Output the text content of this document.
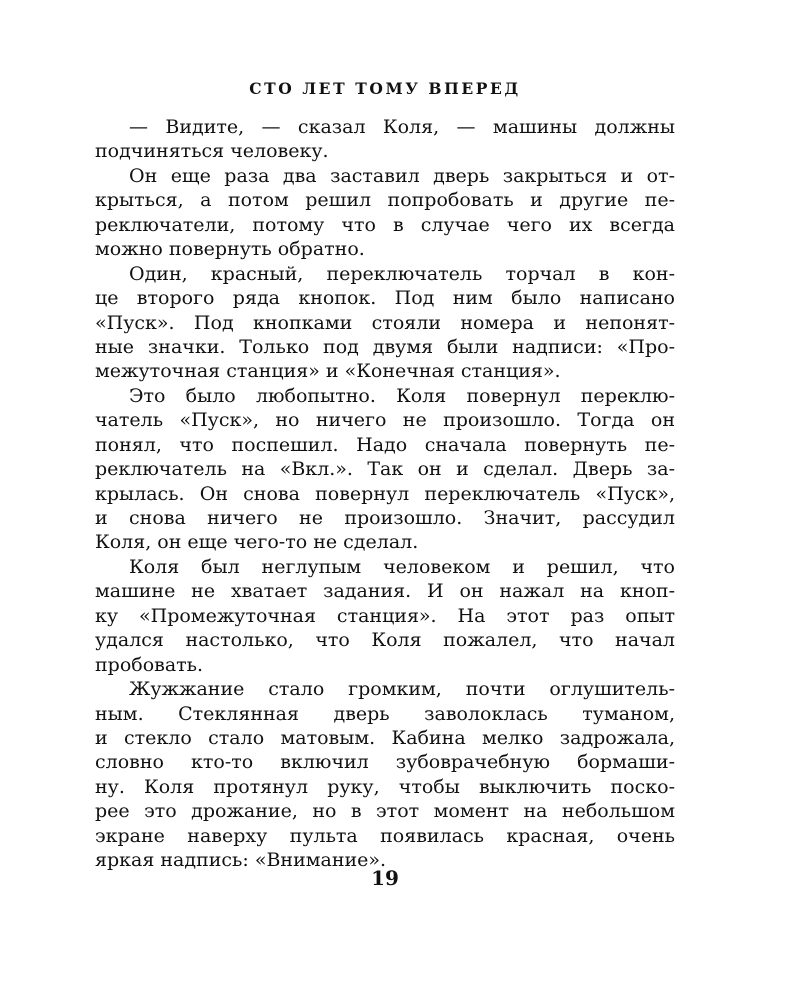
СТО ЛЕТ ТОМУ ВПЕРЕД
— Видите, — сказал Коля, — машины должны
подчиняться человеку.
Он еще раза два заставил дверь закрыться и от-
крыться, а потом решил попробовать и другие пе-
реключатели, потому что в случае чего их всегда
можно повернуть обратно.
Один, красный, переключатель торчал в кон-
це второго ряда кнопок. Под ним было написано
«Пуск». Под кнопками стояли номера и непонят-
ные значки. Только под двумя были надписи: «Про-
межуточная станция» и «Конечная станция».
Это было любопытно. Коля повернул переклю-
чатель «Пуск», но ничего не произошло. Тогда он
понял, что поспешил. Надо сначала повернуть пе-
реключатель на «Вкл.». Так он и сделал. Дверь за-
крылась. Он снова повернул переключатель «Пуск»,
и снова ничего не произошло. Значит, рассудил
Коля, он еще чего-то не сделал.
Коля был неглупым человеком и решил, что
машине не хватает задания. И он нажал на кноп-
ку «Промежуточная станция». На этот раз опыт
удался настолько, что Коля пожалел, что начал
пробовать.
Жужжание стало громким, почти оглушитель-
ным. Стеклянная дверь заволоклась туманом,
и стекло стало матовым. Кабина мелко задрожала,
словно кто-то включил зубоврачебную бормаши-
ну. Коля протянул руку, чтобы выключить поско-
рее это дрожание, но в этот момент на небольшом
экране наверху пульта появилась красная, очень
яркая надпись: «Внимание».
19
